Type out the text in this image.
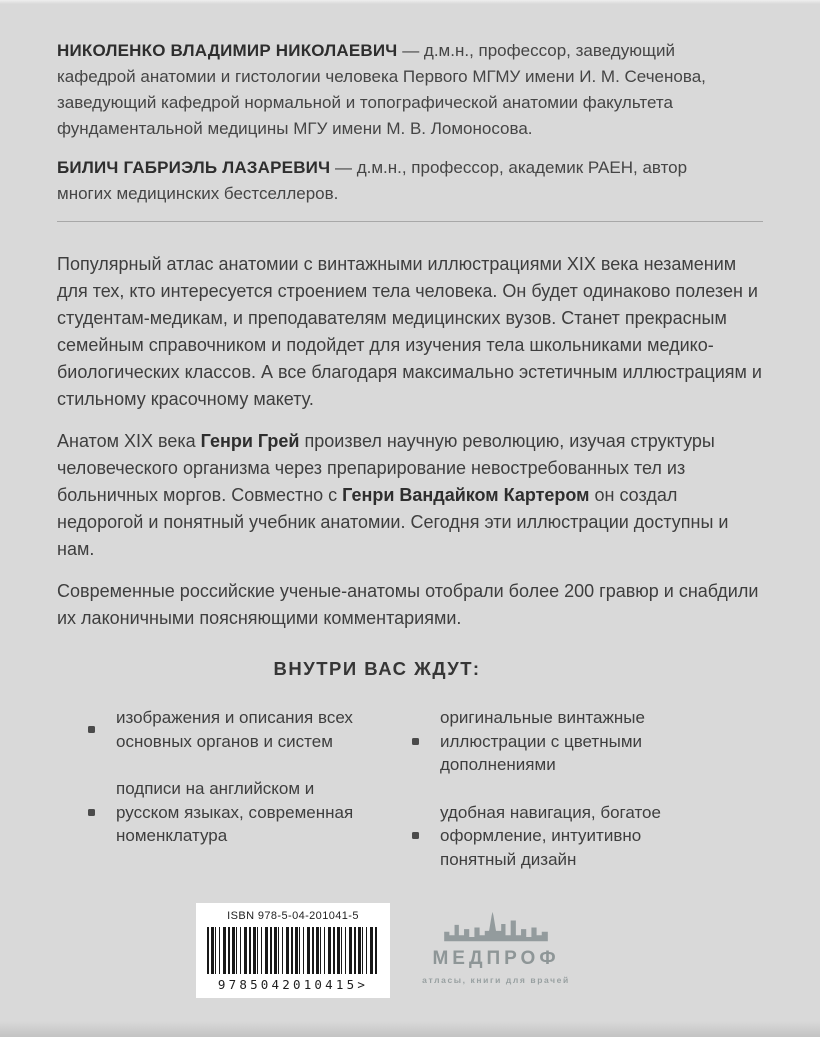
НИКОЛЕНКО ВЛАДИМИР НИКОЛАЕВИЧ — д.м.н., профессор, заведующий кафедрой анатомии и гистологии человека Первого МГМУ имени И. М. Сеченова, заведующий кафедрой нормальной и топографической анатомии факультета фундаментальной медицины МГУ имени М. В. Ломоносова.

БИЛИЧ ГАБРИЭЛЬ ЛАЗАРЕВИЧ — д.м.н., профессор, академик РАЕН, автор многих медицинских бестселлеров.

Популярный атлас анатомии с винтажными иллюстрациями XIX века незаменим для тех, кто интересуется строением тела человека. Он будет одинаково полезен и студентам-медикам, и преподавателям медицинских вузов. Станет прекрасным семейным справочником и подойдет для изучения тела школьниками медико-биологических классов. А все благодаря максимально эстетичным иллюстрациям и стильному красочному макету.

Анатом XIX века Генри Грей произвел научную революцию, изучая структуры человеческого организма через препарирование невостребованных тел из больничных моргов. Совместно с Генри Вандайком Картером он создал недорогой и понятный учебник анатомии. Сегодня эти иллюстрации доступны и нам.

Современные российские ученые-анатомы отобрали более 200 гравюр и снабдили их лаконичными поясняющими комментариями.

ВНУТРИ ВАС ЖДУТ:
изображения и описания всех основных органов и систем
подписи на английском и русском языках, современная номенклатура
оригинальные винтажные иллюстрации с цветными дополнениями
удобная навигация, богатое оформление, интуитивно понятный дизайн
ISBN 978-5-04-201041-5
9785042010415>
МЕДПРОФ
атласы, книги для врачей
